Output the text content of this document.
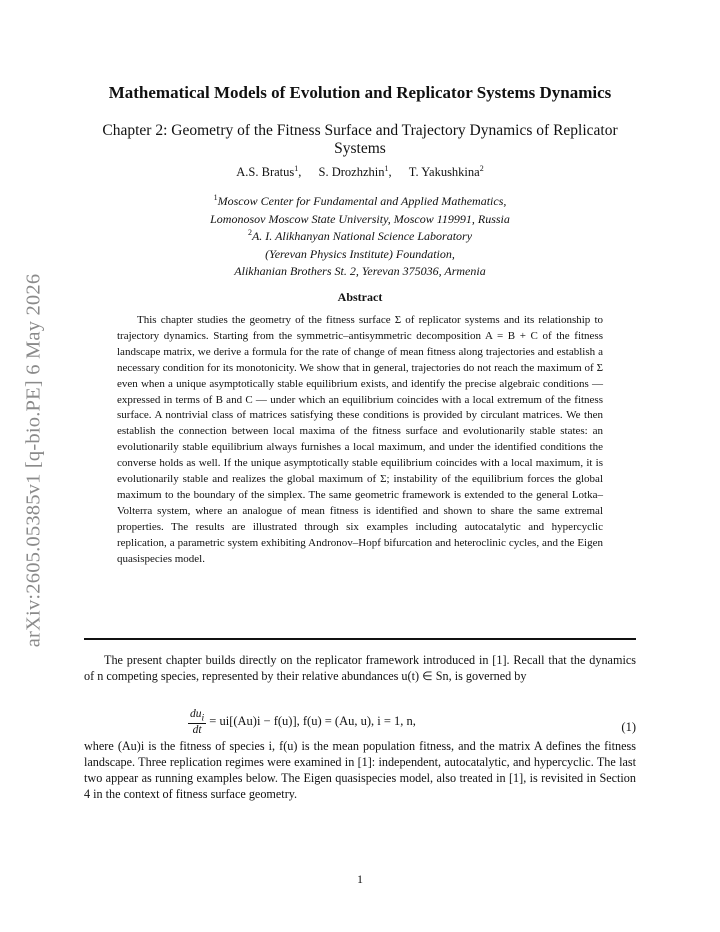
arXiv:2605.05385v1 [q-bio.PE] 6 May 2026
Mathematical Models of Evolution and Replicator Systems Dynamics
Chapter 2: Geometry of the Fitness Surface and Trajectory Dynamics of Replicator Systems
A.S. Bratus$^1$, S. Drozhzhin$^1$, T. Yakushkina$^2$
$^1$Moscow Center for Fundamental and Applied Mathematics,
Lomonosov Moscow State University, Moscow 119991, Russia
$^2$A. I. Alikhanyan National Science Laboratory
(Yerevan Physics Institute) Foundation,
Alikhanian Brothers St. 2, Yerevan 375036, Armenia
Abstract
This chapter studies the geometry of the fitness surface Σ of replicator systems and its relationship to trajectory dynamics. Starting from the symmetric–antisymmetric decomposition A = B + C of the fitness landscape matrix, we derive a formula for the rate of change of mean fitness along trajectories and establish a necessary condition for its monotonicity. We show that in general, trajectories do not reach the maximum of Σ even when a unique asymptotically stable equilibrium exists, and identify the precise algebraic conditions — expressed in terms of B and C — under which an equilibrium coincides with a local extremum of the fitness surface. A nontrivial class of matrices satisfying these conditions is provided by circulant matrices. We then establish the connection between local maxima of the fitness surface and evolutionarily stable states: an evolutionarily stable equilibrium always furnishes a local maximum, and under the identified conditions the converse holds as well. If the unique asymptotically stable equilibrium coincides with a local maximum, it is evolutionarily stable and realizes the global maximum of Σ; instability of the equilibrium forces the global maximum to the boundary of the simplex. The same geometric framework is extended to the general Lotka–Volterra system, where an analogue of mean fitness is identified and shown to share the same extremal properties. The results are illustrated through six examples including autocatalytic and hypercyclic replication, a parametric system exhibiting Andronov–Hopf bifurcation and heteroclinic cycles, and the Eigen quasispecies model.
The present chapter builds directly on the replicator framework introduced in [1]. Recall that the dynamics of n competing species, represented by their relative abundances u(t) ∈ Sn, is governed by
$\frac{du_i}{dt} = ui[(Au)i - f(u)]$, f(u) = (Au, u), i = 1, n,	(1)
where (Au)i is the fitness of species i, f(u) is the mean population fitness, and the matrix A defines the fitness landscape. Three replication regimes were examined in [1]: independent, autocatalytic, and hypercyclic. The last two appear as running examples below. The Eigen quasispecies model, also treated in [1], is revisited in Section 4 in the context of fitness surface geometry.
1
